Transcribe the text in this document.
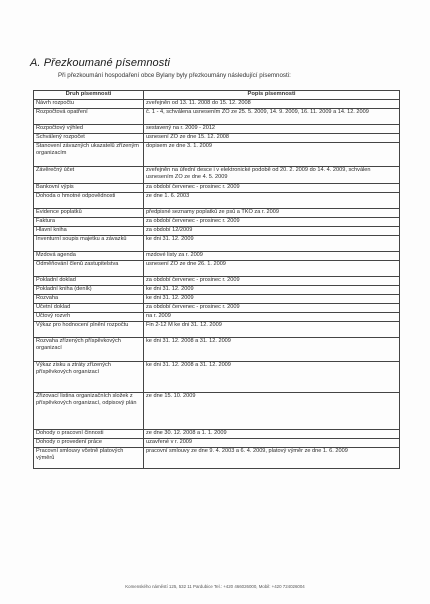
A. Přezkoumané písemnosti
Při přezkoumání hospodaření obce Bylany byly přezkoumány následující písemnosti:
Druh písemnosti	Popis písemnosti
Návrh rozpočtu	zveřejněn od 13. 11. 2008 do 15. 12. 2008
Rozpočtová opatření	č. 1 - 4, schválena usnesením ZO ze 25. 5. 2009, 14. 9. 2009, 16. 11. 2009 a 14. 12. 2009
Rozpočtový výhled	sestavený na r. 2009 - 2012
Schválený rozpočet	usnesení ZO ze dne 15. 12. 2008
Stanovení závazných ukazatelů zřízeným organizacím	dopisem ze dne 3. 1. 2009
Závěrečný účet	zveřejněn na úřední desce i v elektronické podobě od 20. 2. 2009 do 14. 4. 2009, schválen usnesením ZO ze dne 4. 5. 2009
Bankovní výpis	za období červenec - prosinec r. 2009
Dohoda o hmotné odpovědnosti	ze dne 1. 6. 2003
Evidence poplatků	předpisné seznamy poplatků ze psů a TKO za r. 2009
Faktura	za období červenec - prosinec r. 2009
Hlavní kniha	za období 12/2009
Inventurní soupis majetku a závazků	ke dni 31. 12. 2009
Mzdová agenda	mzdové listy za r. 2009
Odměňování členů zastupitelstva	usnesení ZO ze dne 26. 1. 2009
Pokladní doklad	za období červenec - prosinec r. 2009
Pokladní kniha (deník)	ke dni 31. 12. 2009
Rozvaha	ke dni 31. 12. 2009
Účetní doklad	za období červenec - prosinec r. 2009
Účtový rozvrh	na r. 2009
Výkaz pro hodnocení plnění rozpočtu	Fin 2-12 M ke dni 31. 12. 2009
Rozvaha zřízených příspěvkových organizací	ke dni 31. 12. 2008 a 31. 12. 2009
Výkaz zisku a ztráty zřízených příspěvkových organizací	ke dni 31. 12. 2008 a 31. 12. 2009
Zřizovací listina organizačních složek z příspěvkových organizací, odpisový plán	ze dne 15. 10. 2009
Dohody o pracovní činnosti	ze dne 30. 12. 2008 a 1. 1. 2009
Dohody o provedení práce	uzavřené v r. 2009
Pracovní smlouvy včetně platových výměrů	pracovní smlouvy ze dne 9. 4. 2003 a 6. 4. 2009, platový výměr ze dne 1. 6. 2009
Komenského náměstí 125, 532 11 Pardubice Tel.: +420 466026000, Mobil: +420 724026004
